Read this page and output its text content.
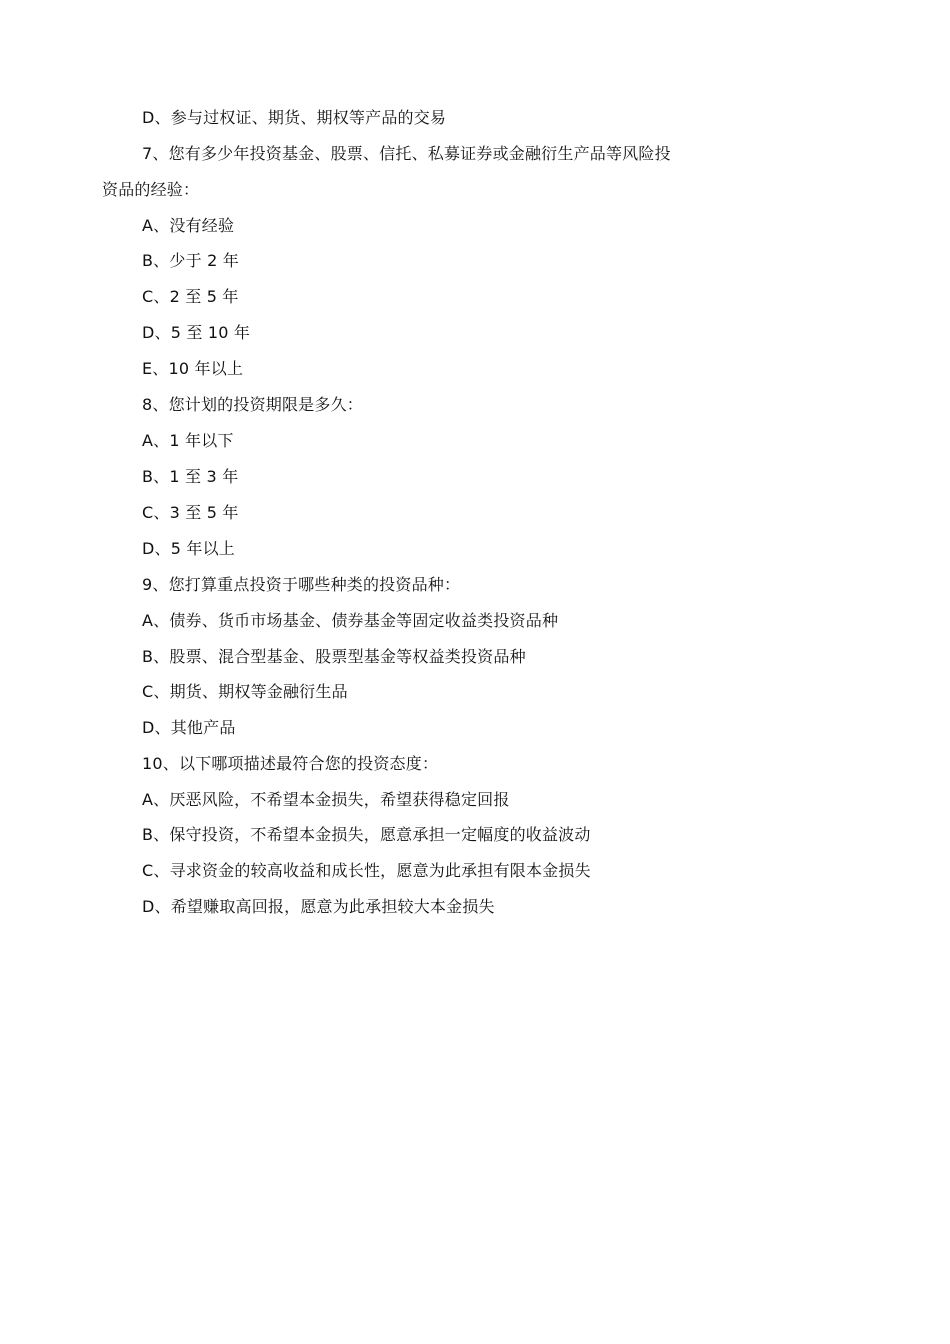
D、参与过权证、期货、期权等产品的交易
7、您有多少年投资基金、股票、信托、私募证券或金融衍生产品等风险投
资品的经验：
A、没有经验
B、少于 2 年
C、2 至 5 年
D、5 至 10 年
E、10 年以上
8、您计划的投资期限是多久：
A、1 年以下
B、1 至 3 年
C、3 至 5 年
D、5 年以上
9、您打算重点投资于哪些种类的投资品种：
A、债券、货币市场基金、债券基金等固定收益类投资品种
B、股票、混合型基金、股票型基金等权益类投资品种
C、期货、期权等金融衍生品
D、其他产品
10、以下哪项描述最符合您的投资态度：
A、厌恶风险，不希望本金损失，希望获得稳定回报
B、保守投资，不希望本金损失，愿意承担一定幅度的收益波动
C、寻求资金的较高收益和成长性，愿意为此承担有限本金损失
D、希望赚取高回报，愿意为此承担较大本金损失
